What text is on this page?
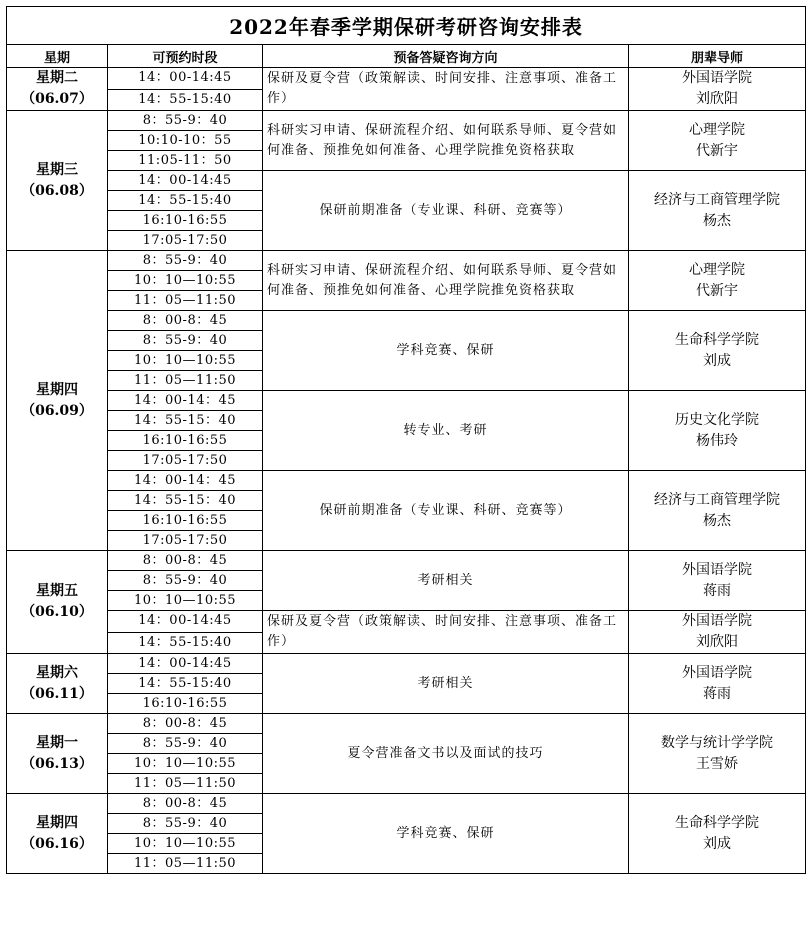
2022年春季学期保研考研咨询安排表			
星期	可预约时段	预备答疑咨询方向	朋辈导师

星期二
（06.07）	14：00-14:45	保研及夏令营（政策解读、时间安排、注意事项、准备工作）	外国语学院
刘欣阳

	14：55-15:40		

星期三
（06.08）	8：55-9：40	科研实习申请、保研流程介绍、如何联系导师、夏令营如何准备、预推免如何准备、心理学院推免资格获取	心理学院
代新宇

	10:10-10：55		
	11:05-11：50		
	14：00-14:45	保研前期准备（专业课、科研、竞赛等）	经济与工商管理学院
杨杰

	14：55-15:40		
	16:10-16:55		
	17:05-17:50		

星期四
（06.09）	8：55-9：40	科研实习申请、保研流程介绍、如何联系导师、夏令营如何准备、预推免如何准备、心理学院推免资格获取	心理学院
代新宇

	10：10—10:55		
	11：05—11:50		
	8：00-8：45	学科竞赛、保研	生命科学学院
刘成

	8：55-9：40		
	10：10—10:55		
	11：05—11:50		
	14：00-14：45	转专业、考研	历史文化学院
杨伟玲

	14：55-15：40		
	16:10-16:55		
	17:05-17:50		
	14：00-14：45	保研前期准备（专业课、科研、竞赛等）	经济与工商管理学院
杨杰

	14：55-15：40		
	16:10-16:55		
	17:05-17:50		

星期五
（06.10）	8：00-8：45	考研相关	外国语学院
蒋雨

	8：55-9：40		
	10：10—10:55		
	14：00-14:45	保研及夏令营（政策解读、时间安排、注意事项、准备工作）	外国语学院
刘欣阳

	14：55-15:40		

星期六
（06.11）	14：00-14:45	考研相关	外国语学院
蒋雨

	14：55-15:40		
	16:10-16:55		

星期一
（06.13）	8：00-8：45	夏令营准备文书以及面试的技巧	数学与统计学学院
王雪娇

	8：55-9：40		
	10：10—10:55		
	11：05—11:50		

星期四
（06.16）	8：00-8：45	学科竞赛、保研	生命科学学院
刘成

	8：55-9：40		
	10：10—10:55		
	11：05—11:50		
